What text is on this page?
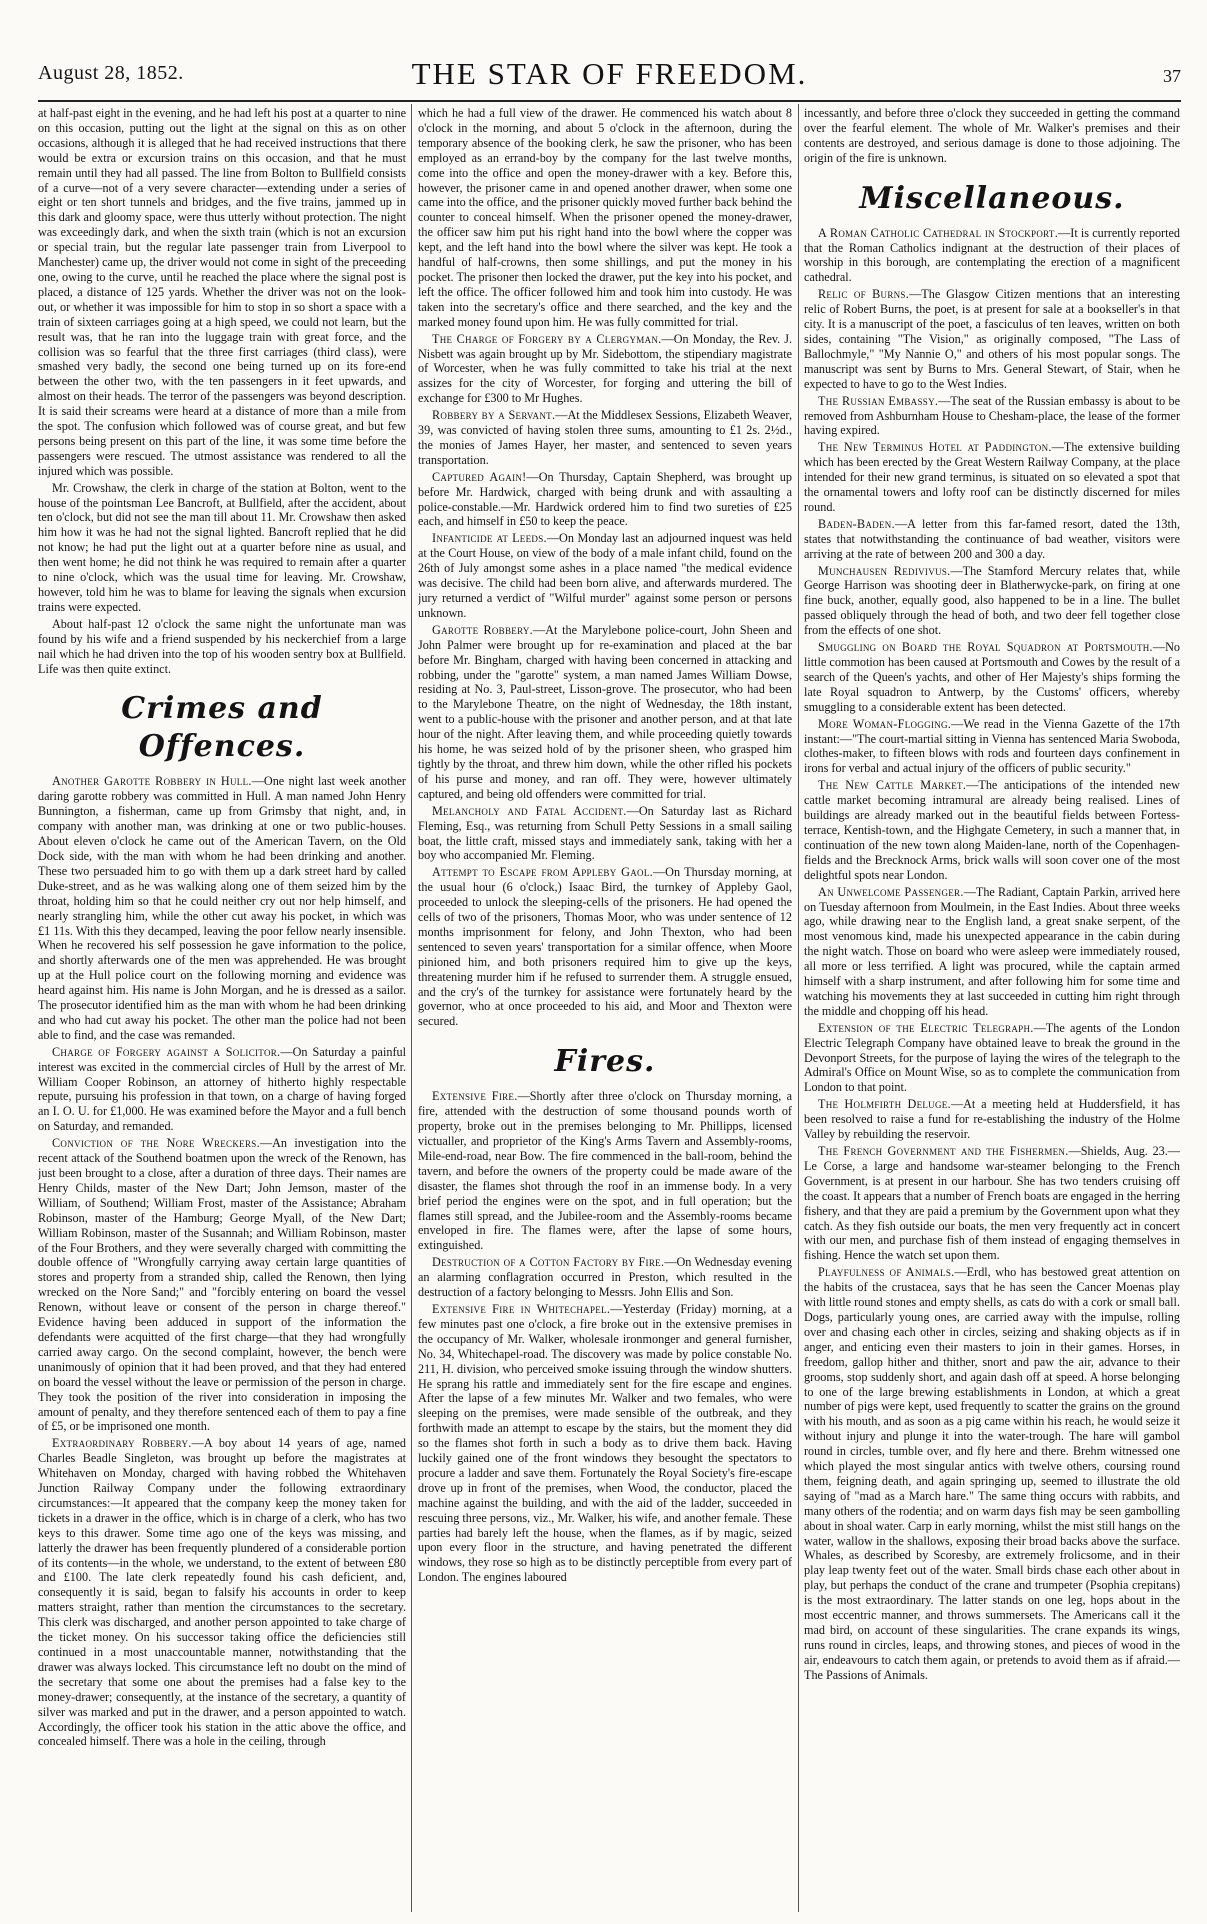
August 28, 1852.	THE STAR OF FREEDOM.	37

at half-past eight in the evening, and he had left his post at a quarter to nine on this occasion, putting out the light at the signal on this as on other occasions, although it is alleged that he had received instructions that there would be extra or excursion trains on this occasion, and that he must remain until they had all passed. The line from Bolton to Bullfield consists of a curve—not of a very severe character—extending under a series of eight or ten short tunnels and bridges, and the five trains, jammed up in this dark and gloomy space, were thus utterly without protection. The night was exceedingly dark, and when the sixth train (which is not an excursion or special train, but the regular late passenger train from Liverpool to Manchester) came up, the driver would not come in sight of the preceeding one, owing to the curve, until he reached the place where the signal post is placed, a distance of 125 yards. Whether the driver was not on the look-out, or whether it was impossible for him to stop in so short a space with a train of sixteen carriages going at a high speed, we could not learn, but the result was, that he ran into the luggage train with great force, and the collision was so fearful that the three first carriages (third class), were smashed very badly, the second one being turned up on its fore-end between the other two, with the ten passengers in it feet upwards, and almost on their heads. The terror of the passengers was beyond description. It is said their screams were heard at a distance of more than a mile from the spot. The confusion which followed was of course great, and but few persons being present on this part of the line, it was some time before the passengers were rescued. The utmost assistance was rendered to all the injured which was possible.

Mr. Crowshaw, the clerk in charge of the station at Bolton, went to the house of the pointsman Lee Bancroft, at Bullfield, after the accident, about ten o'clock, but did not see the man till about 11. Mr. Crowshaw then asked him how it was he had not the signal lighted. Bancroft replied that he did not know; he had put the light out at a quarter before nine as usual, and then went home; he did not think he was required to remain after a quarter to nine o'clock, which was the usual time for leaving. Mr. Crowshaw, however, told him he was to blame for leaving the signals when excursion trains were expected.

About half-past 12 o'clock the same night the unfortunate man was found by his wife and a friend suspended by his neckerchief from a large nail which he had driven into the top of his wooden sentry box at Bullfield. Life was then quite extinct.

Crimes and Offences.

Another Garotte Robbery in Hull.—One night last week another daring garotte robbery was committed in Hull. A man named John Henry Bunnington, a fisherman, came up from Grimsby that night, and, in company with another man, was drinking at one or two public-houses. About eleven o'clock he came out of the American Tavern, on the Old Dock side, with the man with whom he had been drinking and another. These two persuaded him to go with them up a dark street hard by called Duke-street, and as he was walking along one of them seized him by the throat, holding him so that he could neither cry out nor help himself, and nearly strangling him, while the other cut away his pocket, in which was £1 11s. With this they decamped, leaving the poor fellow nearly insensible. When he recovered his self possession he gave information to the police, and shortly afterwards one of the men was apprehended. He was brought up at the Hull police court on the following morning and evidence was heard against him. His name is John Morgan, and he is dressed as a sailor. The prosecutor identified him as the man with whom he had been drinking and who had cut away his pocket. The other man the police had not been able to find, and the case was remanded.

Charge of Forgery against a Solicitor.—On Saturday a painful interest was excited in the commercial circles of Hull by the arrest of Mr. William Cooper Robinson, an attorney of hitherto highly respectable repute, pursuing his profession in that town, on a charge of having forged an I. O. U. for £1,000. He was examined before the Mayor and a full bench on Saturday, and remanded.

Conviction of the Nore Wreckers.—An investigation into the recent attack of the Southend boatmen upon the wreck of the Renown, has just been brought to a close, after a duration of three days. Their names are Henry Childs, master of the New Dart; John Jemson, master of the William, of Southend; William Frost, master of the Assistance; Abraham Robinson, master of the Hamburg; George Myall, of the New Dart; William Robinson, master of the Susannah; and William Robinson, master of the Four Brothers, and they were severally charged with committing the double offence of "Wrongfully carrying away certain large quantities of stores and property from a stranded ship, called the Renown, then lying wrecked on the Nore Sand;" and "forcibly entering on board the vessel Renown, without leave or consent of the person in charge thereof." Evidence having been adduced in support of the information the defendants were acquitted of the first charge—that they had wrongfully carried away cargo. On the second complaint, however, the bench were unanimously of opinion that it had been proved, and that they had entered on board the vessel without the leave or permission of the person in charge. They took the position of the river into consideration in imposing the amount of penalty, and they therefore sentenced each of them to pay a fine of £5, or be imprisoned one month.

Extraordinary Robbery.—A boy about 14 years of age, named Charles Beadle Singleton, was brought up before the magistrates at Whitehaven on Monday, charged with having robbed the Whitehaven Junction Railway Company under the following extraordinary circumstances:—It appeared that the company keep the money taken for tickets in a drawer in the office, which is in charge of a clerk, who has two keys to this drawer. Some time ago one of the keys was missing, and latterly the drawer has been frequently plundered of a considerable portion of its contents—in the whole, we understand, to the extent of between £80 and £100. The late clerk repeatedly found his cash deficient, and, consequently it is said, began to falsify his accounts in order to keep matters straight, rather than mention the circumstances to the secretary. This clerk was discharged, and another person appointed to take charge of the ticket money. On his successor taking office the deficiencies still continued in a most unaccountable manner, notwithstanding that the drawer was always locked. This circumstance left no doubt on the mind of the secretary that some one about the premises had a false key to the money-drawer; consequently, at the instance of the secretary, a quantity of silver was marked and put in the drawer, and a person appointed to watch. Accordingly, the officer took his station in the attic above the office, and concealed himself. There was a hole in the ceiling, through

which he had a full view of the drawer. He commenced his watch about 8 o'clock in the morning, and about 5 o'clock in the afternoon, during the temporary absence of the booking clerk, he saw the prisoner, who has been employed as an errand-boy by the company for the last twelve months, come into the office and open the money-drawer with a key. Before this, however, the prisoner came in and opened another drawer, when some one came into the office, and the prisoner quickly moved further back behind the counter to conceal himself. When the prisoner opened the money-drawer, the officer saw him put his right hand into the bowl where the copper was kept, and the left hand into the bowl where the silver was kept. He took a handful of half-crowns, then some shillings, and put the money in his pocket. The prisoner then locked the drawer, put the key into his pocket, and left the office. The officer followed him and took him into custody. He was taken into the secretary's office and there searched, and the key and the marked money found upon him. He was fully committed for trial.

The Charge of Forgery by a Clergyman.—On Monday, the Rev. J. Nisbett was again brought up by Mr. Sidebottom, the stipendiary magistrate of Worcester, when he was fully committed to take his trial at the next assizes for the city of Worcester, for forging and uttering the bill of exchange for £300 to Mr Hughes.

Robbery by a Servant.—At the Middlesex Sessions, Elizabeth Weaver, 39, was convicted of having stolen three sums, amounting to £1 2s. 2½d., the monies of James Hayer, her master, and sentenced to seven years transportation.

Captured Again!—On Thursday, Captain Shepherd, was brought up before Mr. Hardwick, charged with being drunk and with assaulting a police-constable.—Mr. Hardwick ordered him to find two sureties of £25 each, and himself in £50 to keep the peace.

Infanticide at Leeds.—On Monday last an adjourned inquest was held at the Court House, on view of the body of a male infant child, found on the 26th of July amongst some ashes in a place named "the medical evidence was decisive. The child had been born alive, and afterwards murdered. The jury returned a verdict of "Wilful murder" against some person or persons unknown.

Garotte Robbery.—At the Marylebone police-court, John Sheen and John Palmer were brought up for re-examination and placed at the bar before Mr. Bingham, charged with having been concerned in attacking and robbing, under the "garotte" system, a man named James William Dowse, residing at No. 3, Paul-street, Lisson-grove. The prosecutor, who had been to the Marylebone Theatre, on the night of Wednesday, the 18th instant, went to a public-house with the prisoner and another person, and at that late hour of the night. After leaving them, and while proceeding quietly towards his home, he was seized hold of by the prisoner sheen, who grasped him tightly by the throat, and threw him down, while the other rifled his pockets of his purse and money, and ran off. They were, however ultimately captured, and being old offenders were committed for trial.

Melancholy and Fatal Accident.—On Saturday last as Richard Fleming, Esq., was returning from Schull Petty Sessions in a small sailing boat, the little craft, missed stays and immediately sank, taking with her a boy who accompanied Mr. Fleming.

Attempt to Escape from Appleby Gaol.—On Thursday morning, at the usual hour (6 o'clock,) Isaac Bird, the turnkey of Appleby Gaol, proceeded to unlock the sleeping-cells of the prisoners. He had opened the cells of two of the prisoners, Thomas Moor, who was under sentence of 12 months imprisonment for felony, and John Thexton, who had been sentenced to seven years' transportation for a similar offence, when Moore pinioned him, and both prisoners required him to give up the keys, threatening murder him if he refused to surrender them. A struggle ensued, and the cry's of the turnkey for assistance were fortunately heard by the governor, who at once proceeded to his aid, and Moor and Thexton were secured.

Fires.

Extensive Fire.—Shortly after three o'clock on Thursday morning, a fire, attended with the destruction of some thousand pounds worth of property, broke out in the premises belonging to Mr. Phillipps, licensed victualler, and proprietor of the King's Arms Tavern and Assembly-rooms, Mile-end-road, near Bow. The fire commenced in the ball-room, behind the tavern, and before the owners of the property could be made aware of the disaster, the flames shot through the roof in an immense body. In a very brief period the engines were on the spot, and in full operation; but the flames still spread, and the Jubilee-room and the Assembly-rooms became enveloped in fire. The flames were, after the lapse of some hours, extinguished.

Destruction of a Cotton Factory by Fire.—On Wednesday evening an alarming conflagration occurred in Preston, which resulted in the destruction of a factory belonging to Messrs. John Ellis and Son.

Extensive Fire in Whitechapel.—Yesterday (Friday) morning, at a few minutes past one o'clock, a fire broke out in the extensive premises in the occupancy of Mr. Walker, wholesale ironmonger and general furnisher, No. 34, Whitechapel-road. The discovery was made by police constable No. 211, H. division, who perceived smoke issuing through the window shutters. He sprang his rattle and immediately sent for the fire escape and engines. After the lapse of a few minutes Mr. Walker and two females, who were sleeping on the premises, were made sensible of the outbreak, and they forthwith made an attempt to escape by the stairs, but the moment they did so the flames shot forth in such a body as to drive them back. Having luckily gained one of the front windows they besought the spectators to procure a ladder and save them. Fortunately the Royal Society's fire-escape drove up in front of the premises, when Wood, the conductor, placed the machine against the building, and with the aid of the ladder, succeeded in rescuing three persons, viz., Mr. Walker, his wife, and another female. These parties had barely left the house, when the flames, as if by magic, seized upon every floor in the structure, and having penetrated the different windows, they rose so high as to be distinctly perceptible from every part of London. The engines laboured

incessantly, and before three o'clock they succeeded in getting the command over the fearful element. The whole of Mr. Walker's premises and their contents are destroyed, and serious damage is done to those adjoining. The origin of the fire is unknown.

Miscellaneous.

A Roman Catholic Cathedral in Stockport.—It is currently reported that the Roman Catholics indignant at the destruction of their places of worship in this borough, are contemplating the erection of a magnificent cathedral.

Relic of Burns.—The Glasgow Citizen mentions that an interesting relic of Robert Burns, the poet, is at present for sale at a bookseller's in that city. It is a manuscript of the poet, a fasciculus of ten leaves, written on both sides, containing "The Vision," as originally composed, "The Lass of Ballochmyle," "My Nannie O," and others of his most popular songs. The manuscript was sent by Burns to Mrs. General Stewart, of Stair, when he expected to have to go to the West Indies.

The Russian Embassy.—The seat of the Russian embassy is about to be removed from Ashburnham House to Chesham-place, the lease of the former having expired.

The New Terminus Hotel at Paddington.—The extensive building which has been erected by the Great Western Railway Company, at the place intended for their new grand terminus, is situated on so elevated a spot that the ornamental towers and lofty roof can be distinctly discerned for miles round.

Baden-Baden.—A letter from this far-famed resort, dated the 13th, states that notwithstanding the continuance of bad weather, visitors were arriving at the rate of between 200 and 300 a day.

Munchausen Redivivus.—The Stamford Mercury relates that, while George Harrison was shooting deer in Blatherwycke-park, on firing at one fine buck, another, equally good, also happened to be in a line. The bullet passed obliquely through the head of both, and two deer fell together close from the effects of one shot.

Smuggling on Board the Royal Squadron at Portsmouth.—No little commotion has been caused at Portsmouth and Cowes by the result of a search of the Queen's yachts, and other of Her Majesty's ships forming the late Royal squadron to Antwerp, by the Customs' officers, whereby smuggling to a considerable extent has been detected.

More Woman-Flogging.—We read in the Vienna Gazette of the 17th instant:—"The court-martial sitting in Vienna has sentenced Maria Swoboda, clothes-maker, to fifteen blows with rods and fourteen days confinement in irons for verbal and actual injury of the officers of public security."

The New Cattle Market.—The anticipations of the intended new cattle market becoming intramural are already being realised. Lines of buildings are already marked out in the beautiful fields between Fortess-terrace, Kentish-town, and the Highgate Cemetery, in such a manner that, in continuation of the new town along Maiden-lane, north of the Copenhagen-fields and the Brecknock Arms, brick walls will soon cover one of the most delightful spots near London.

An Unwelcome Passenger.—The Radiant, Captain Parkin, arrived here on Tuesday afternoon from Moulmein, in the East Indies. About three weeks ago, while drawing near to the English land, a great snake serpent, of the most venomous kind, made his unexpected appearance in the cabin during the night watch. Those on board who were asleep were immediately roused, all more or less terrified. A light was procured, while the captain armed himself with a sharp instrument, and after following him for some time and watching his movements they at last succeeded in cutting him right through the middle and chopping off his head.

Extension of the Electric Telegraph.—The agents of the London Electric Telegraph Company have obtained leave to break the ground in the Devonport Streets, for the purpose of laying the wires of the telegraph to the Admiral's Office on Mount Wise, so as to complete the communication from London to that point.

The Holmfirth Deluge.—At a meeting held at Huddersfield, it has been resolved to raise a fund for re-establishing the industry of the Holme Valley by rebuilding the reservoir.

The French Government and the Fishermen.—Shields, Aug. 23.—Le Corse, a large and handsome war-steamer belonging to the French Government, is at present in our harbour. She has two tenders cruising off the coast. It appears that a number of French boats are engaged in the herring fishery, and that they are paid a premium by the Government upon what they catch. As they fish outside our boats, the men very frequently act in concert with our men, and purchase fish of them instead of engaging themselves in fishing. Hence the watch set upon them.

Playfulness of Animals.—Erdl, who has bestowed great attention on the habits of the crustacea, says that he has seen the Cancer Moenas play with little round stones and empty shells, as cats do with a cork or small ball. Dogs, particularly young ones, are carried away with the impulse, rolling over and chasing each other in circles, seizing and shaking objects as if in anger, and enticing even their masters to join in their games. Horses, in freedom, gallop hither and thither, snort and paw the air, advance to their grooms, stop suddenly short, and again dash off at speed. A horse belonging to one of the large brewing establishments in London, at which a great number of pigs were kept, used frequently to scatter the grains on the ground with his mouth, and as soon as a pig came within his reach, he would seize it without injury and plunge it into the water-trough. The hare will gambol round in circles, tumble over, and fly here and there. Brehm witnessed one which played the most singular antics with twelve others, coursing round them, feigning death, and again springing up, seemed to illustrate the old saying of "mad as a March hare." The same thing occurs with rabbits, and many others of the rodentia; and on warm days fish may be seen gambolling about in shoal water. Carp in early morning, whilst the mist still hangs on the water, wallow in the shallows, exposing their broad backs above the surface. Whales, as described by Scoresby, are extremely frolicsome, and in their play leap twenty feet out of the water. Small birds chase each other about in play, but perhaps the conduct of the crane and trumpeter (Psophia crepitans) is the most extraordinary. The latter stands on one leg, hops about in the most eccentric manner, and throws summersets. The Americans call it the mad bird, on account of these singularities. The crane expands its wings, runs round in circles, leaps, and throwing stones, and pieces of wood in the air, endeavours to catch them again, or pretends to avoid them as if afraid.—The Passions of Animals.
